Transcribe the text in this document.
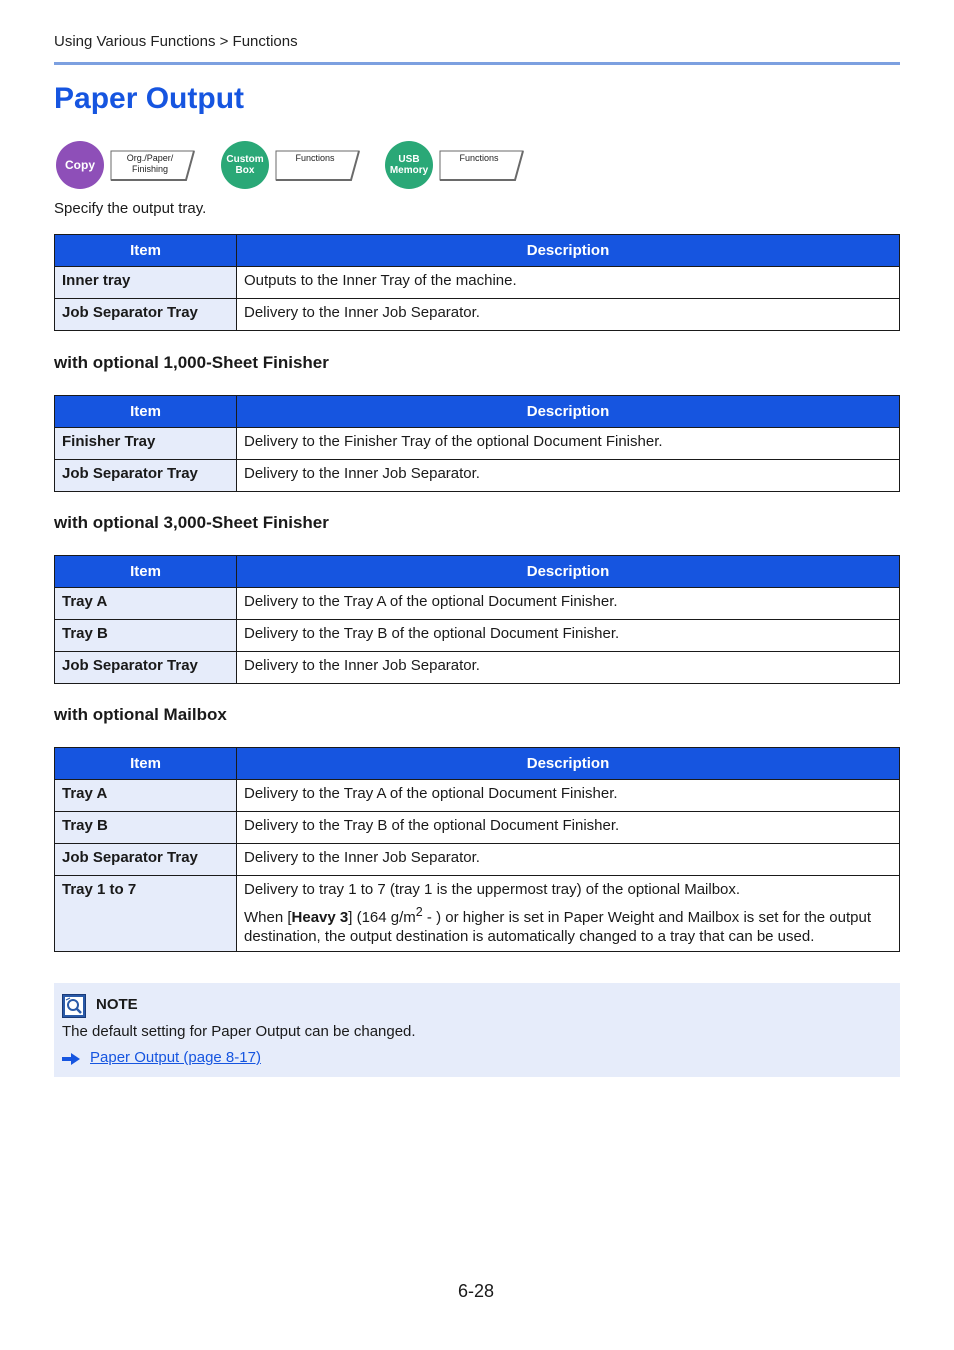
Using Various Functions > Functions
Paper Output
Copy	Org./Paper/
Finishing
Custom
Box
Functions	USB
Memory
Functions
Specify the output tray.
Item	Description
Inner tray	Outputs to the Inner Tray of the machine.
Job Separator Tray	Delivery to the Inner Job Separator.
with optional 1,000-Sheet Finisher
Item	Description
Finisher Tray	Delivery to the Finisher Tray of the optional Document Finisher.
Job Separator Tray	Delivery to the Inner Job Separator.
with optional 3,000-Sheet Finisher
Item	Description
Tray A	Delivery to the Tray A of the optional Document Finisher.
Tray B	Delivery to the Tray B of the optional Document Finisher.
Job Separator Tray	Delivery to the Inner Job Separator.
with optional Mailbox
Item	Description
Tray A	Delivery to the Tray A of the optional Document Finisher.
Tray B	Delivery to the Tray B of the optional Document Finisher.
Job Separator Tray	Delivery to the Inner Job Separator.
Tray 1 to 7	Delivery to tray 1 to 7 (tray 1 is the uppermost tray) of the optional Mailbox.

When [Heavy 3] (164 $g/m^2$ - ) or higher is set in Paper Weight and Mailbox is set for the output destination, the output destination is automatically changed to a tray that can be used.

NOTE
The default setting for Paper Output can be changed.
Paper Output (page 8-17)
6-28
